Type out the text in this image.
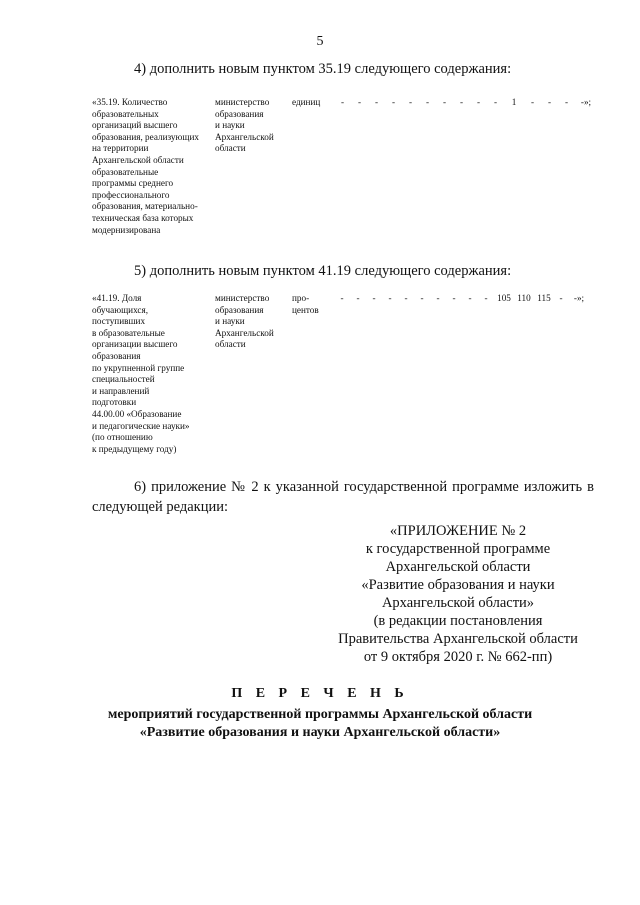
5
4) дополнить новым пунктом 35.19 следующего содержания:
«35.19. Количество
образовательных
организаций высшего
образования, реализующих
на территории
Архангельской области
образовательные
программы среднего
профессионального
образования, материально-
техническая база которых
модернизирована
министерство
образования
и науки
Архангельской
области
единиц	- - - - - - - - - - 1 - - - -»;
5) дополнить новым пунктом 41.19 следующего содержания:
«41.19. Доля
обучающихся,
поступивших
в образовательные
организации высшего
образования
по укрупненной группе
специальностей
и направлений
подготовки
44.00.00 «Образование
и педагогические науки»
(по отношению
к предыдущему году)
министерство
образования
и науки
Архангельской
области
про-
центов
- - - - - - - - - - 105 110 115 - -»;
6) приложение № 2 к указанной государственной программе изложить в следующей редакции:
«ПРИЛОЖЕНИЕ № 2
к государственной программе
Архангельской области
«Развитие образования и науки
Архангельской области»
(в редакции постановления
Правительства Архангельской области
от 9 октября 2020 г. № 662-пп)
П Е Р Е Ч Е Н Ь
мероприятий государственной программы Архангельской области
«Развитие образования и науки Архангельской области»
